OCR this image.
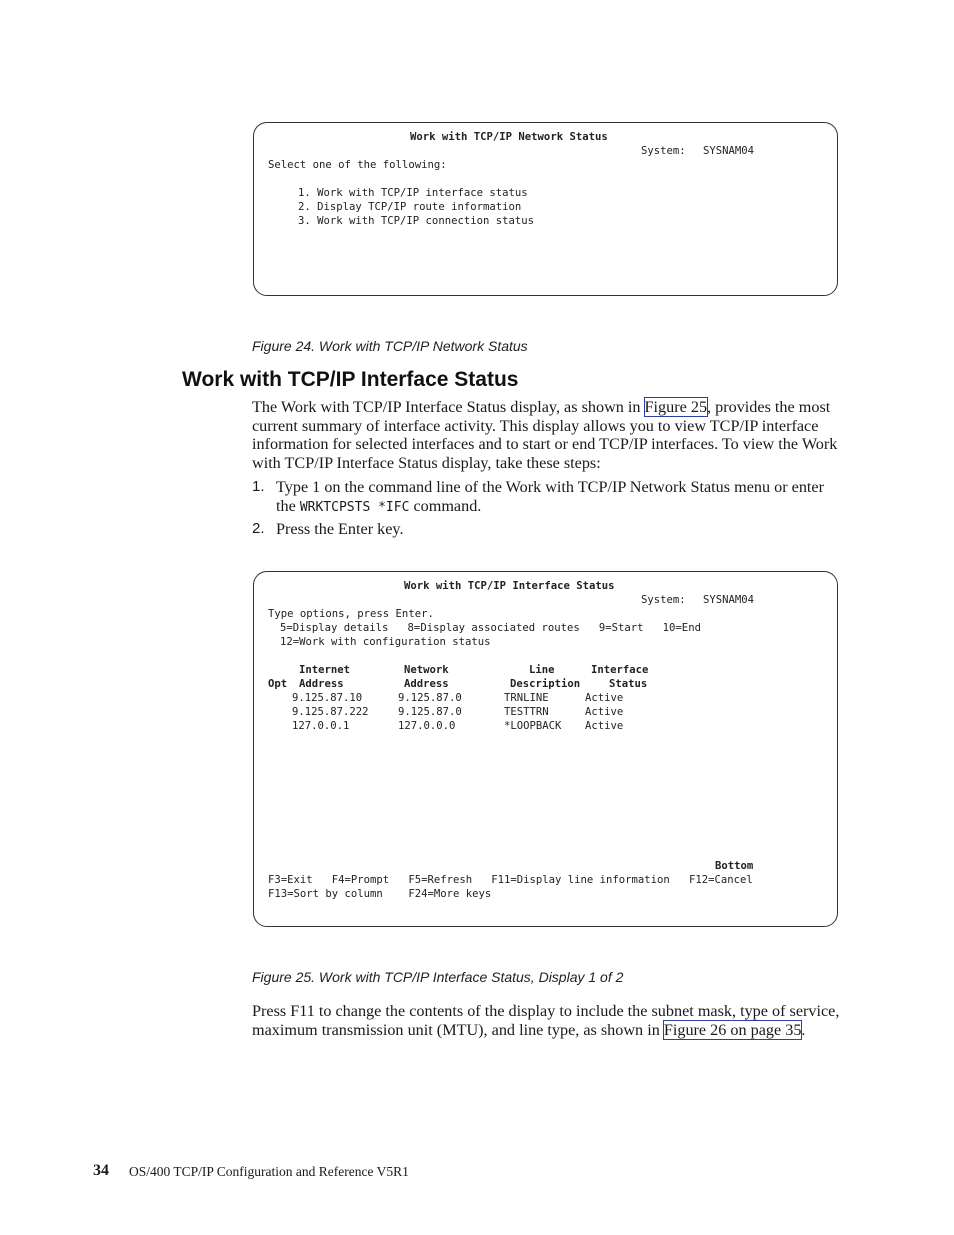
Work with TCP/IP Network Status
System: SYSNAM04
Select one of the following:
1. Work with TCP/IP interface status
2. Display TCP/IP route information
3. Work with TCP/IP connection status
Figure 24. Work with TCP/IP Network Status
Work with TCP/IP Interface Status
The Work with TCP/IP Interface Status display, as shown in Figure 25, provides the most current summary of interface activity. This display allows you to view TCP/IP interface information for selected interfaces and to start or end TCP/IP interfaces. To view the Work with TCP/IP Interface Status display, take these steps:
1. Type 1 on the command line of the Work with TCP/IP Network Status menu or enter the WRKTCPSTS *IFC command.
2. Press the Enter key.
Work with TCP/IP Interface Status
System: SYSNAM04
Type options, press Enter.
5=Display details   8=Display associated routes   9=Start   10=End
12=Work with configuration status
Internet	Network	Line	Interface
Opt Address	Address	Description	Status
9.125.87.10	9.125.87.0	TRNLINE	Active
9.125.87.222	9.125.87.0	TESTTRN	Active
127.0.0.1	127.0.0.0	*LOOPBACK Active
Bottom
F3=Exit   F4=Prompt   F5=Refresh   F11=Display line information   F12=Cancel
F13=Sort by column    F24=More keys
Figure 25. Work with TCP/IP Interface Status, Display 1 of 2
Press F11 to change the contents of the display to include the subnet mask, type of service, maximum transmission unit (MTU), and line type, as shown in Figure 26 on page 35.
34 OS/400 TCP/IP Configuration and Reference V5R1
